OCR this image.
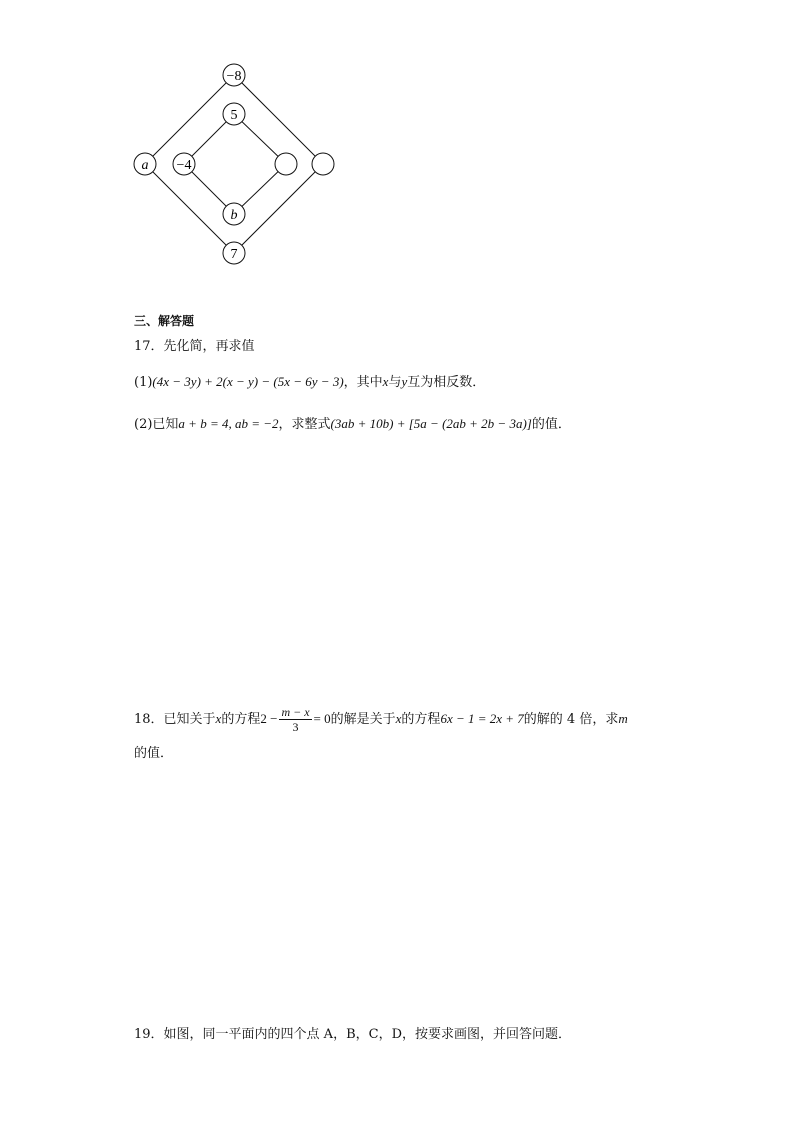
−8
5
a −4
b
7
三、解答题
17．先化简，再求值
(1)(4x − 3y) + 2(x − y) − (5x − 6y − 3)，其中x与y互为相反数．
(2)已知a + b = 4, ab = −2，求整式(3ab + 10b) + [5a − (2ab + 2b − 3a)]的值．
18．已知关于x的方程$2 - \frac{m - x}{3} = 0$的解是关于x的方程6x − 1 = 2x + 7的解的 4 倍，求m
的值．
19．如图，同一平面内的四个点 A，B，C，D，按要求画图，并回答问题．
